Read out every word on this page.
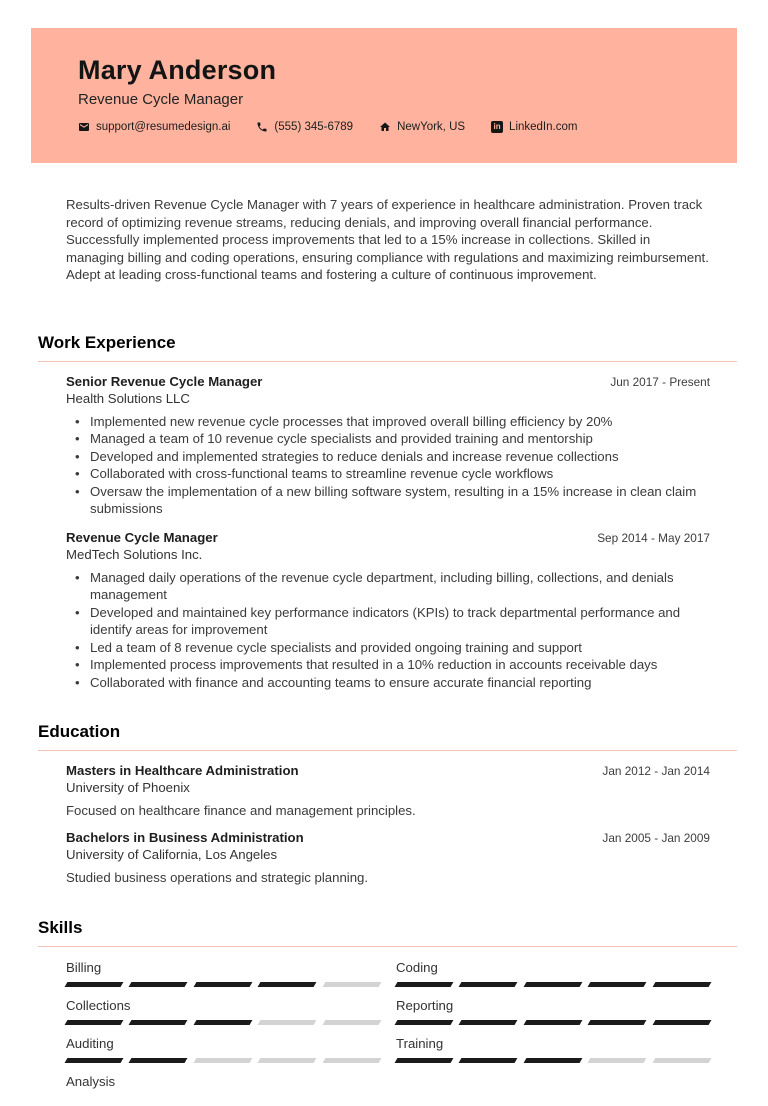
Mary Anderson
Revenue Cycle Manager
support@resumedesign.ai	(555) 345-6789	NewYork, US	in LinkedIn.com

Results-driven Revenue Cycle Manager with 7 years of experience in healthcare administration. Proven track record of optimizing revenue streams, reducing denials, and improving overall financial performance. Successfully implemented process improvements that led to a 15% increase in collections. Skilled in managing billing and coding operations, ensuring compliance with regulations and maximizing reimbursement. Adept at leading cross-functional teams and fostering a culture of continuous improvement.

Work Experience
Senior Revenue Cycle Manager	Jun 2017 - Present
Health Solutions LLC
• Implemented new revenue cycle processes that improved overall billing efficiency by 20%
• Managed a team of 10 revenue cycle specialists and provided training and mentorship
• Developed and implemented strategies to reduce denials and increase revenue collections
• Collaborated with cross-functional teams to streamline revenue cycle workflows
• Oversaw the implementation of a new billing software system, resulting in a 15% increase in clean claim submissions
Revenue Cycle Manager	Sep 2014 - May 2017
MedTech Solutions Inc.
• Managed daily operations of the revenue cycle department, including billing, collections, and denials management
• Developed and maintained key performance indicators (KPIs) to track departmental performance and identify areas for improvement
• Led a team of 8 revenue cycle specialists and provided ongoing training and support
• Implemented process improvements that resulted in a 10% reduction in accounts receivable days
• Collaborated with finance and accounting teams to ensure accurate financial reporting
Education
Masters in Healthcare Administration	Jan 2012 - Jan 2014
University of Phoenix
Focused on healthcare finance and management principles.
Bachelors in Business Administration	Jan 2005 - Jan 2009
University of California, Los Angeles
Studied business operations and strategic planning.
Skills
Billing	Coding
Collections	Reporting
Auditing	Training
Analysis
